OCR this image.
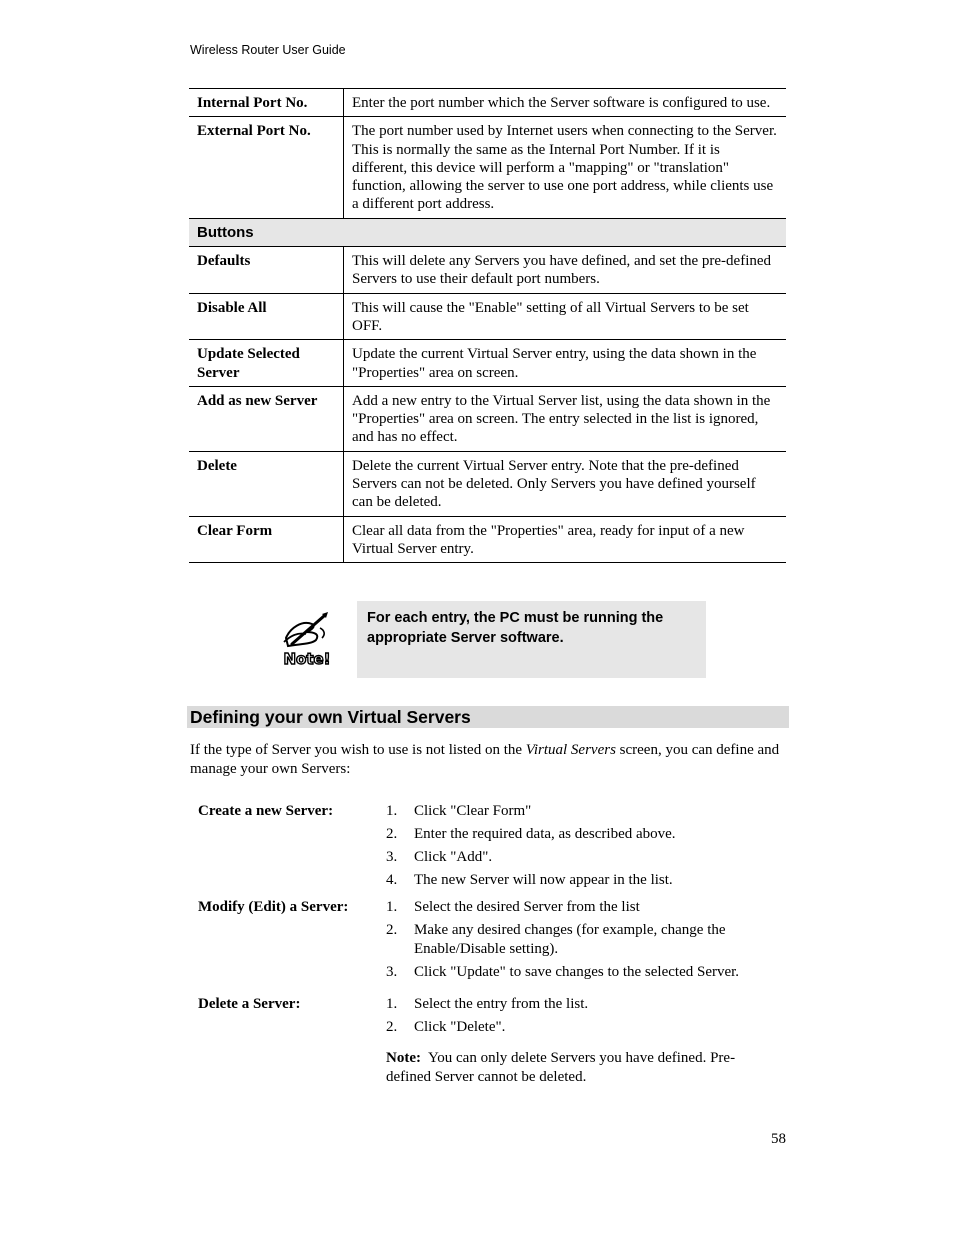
Wireless Router User Guide
Internal Port No.	Enter the port number which the Server software is configured to use.
External Port No.	The port number used by Internet users when connecting to the Server. This is normally the same as the Internal Port Number. If it is different, this device will perform a "mapping" or "translation" function, allowing the server to use one port address, while clients use a different port address.
Buttons	
Defaults	This will delete any Servers you have defined, and set the pre-defined Servers to use their default port numbers.
Disable All	This will cause the "Enable" setting of all Virtual Servers to be set OFF.
Update Selected Server	Update the current Virtual Server entry, using the data shown in the "Properties" area on screen.
Add as new Server	Add a new entry to the Virtual Server list, using the data shown in the "Properties" area on screen. The entry selected in the list is ignored, and has no effect.
Delete	Delete the current Virtual Server entry. Note that the pre-defined Servers can not be deleted. Only Servers you have defined yourself can be deleted.
Clear Form	Clear all data from the "Properties" area, ready for input of a new Virtual Server entry.
Note!
For each entry, the PC must be running the appropriate Server software.
Defining your own Virtual Servers

If the type of Server you wish to use is not listed on the Virtual Servers screen, you can define and manage your own Servers:

Create a new Server:	1. Click "Clear Form"
2. Enter the required data, as described above.
3. Click "Add".
4. The new Server will now appear in the list.
Modify (Edit) a Server:	1. Select the desired Server from the list
2. Make any desired changes (for example, change the Enable/Disable setting).
3. Click "Update" to save changes to the selected Server.
Delete a Server:	1. Select the entry from the list.
2. Click "Delete".

Note: You can only delete Servers you have defined. Pre-defined Server cannot be deleted.

58
